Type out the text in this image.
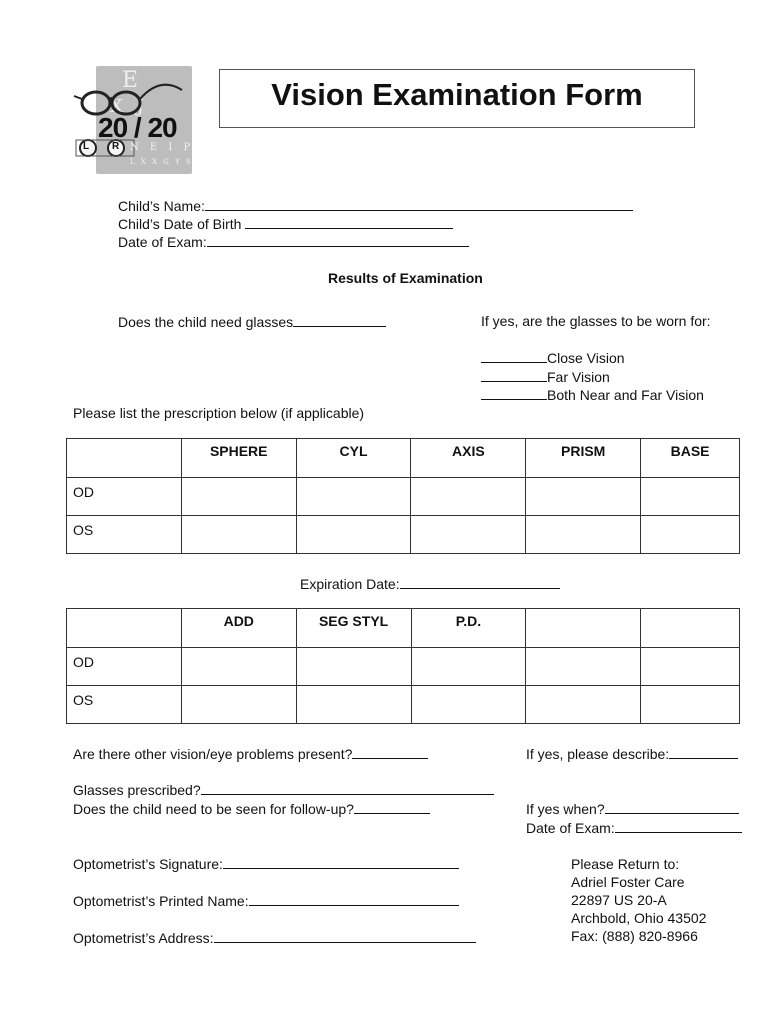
E
X J
20 / 20
N E I P
L X X G Y S
L R
Vision Examination Form
Child’s Name:
Child’s Date of Birth
Date of Exam:
Results of Examination
Does the child need glasses	If yes, are the glasses to be worn for:
Close Vision
Far Vision
Both Near and Far Vision
Please list the prescription below (if applicable)
	SPHERE	CYL	AXIS	PRISM	BASE
OD					
OS					
Expiration Date:
	ADD	SEG STYL	P.D.		
OD					
OS					
Are there other vision/eye problems present?	If yes, please describe:
Glasses prescribed?
Does the child need to be seen for follow-up?	If yes when?
Date of Exam:
Optometrist’s Signature:
Optometrist’s Printed Name:
Optometrist’s Address:
Please Return to:
Adriel Foster Care
22897 US 20-A
Archbold, Ohio 43502
Fax: (888) 820-8966
